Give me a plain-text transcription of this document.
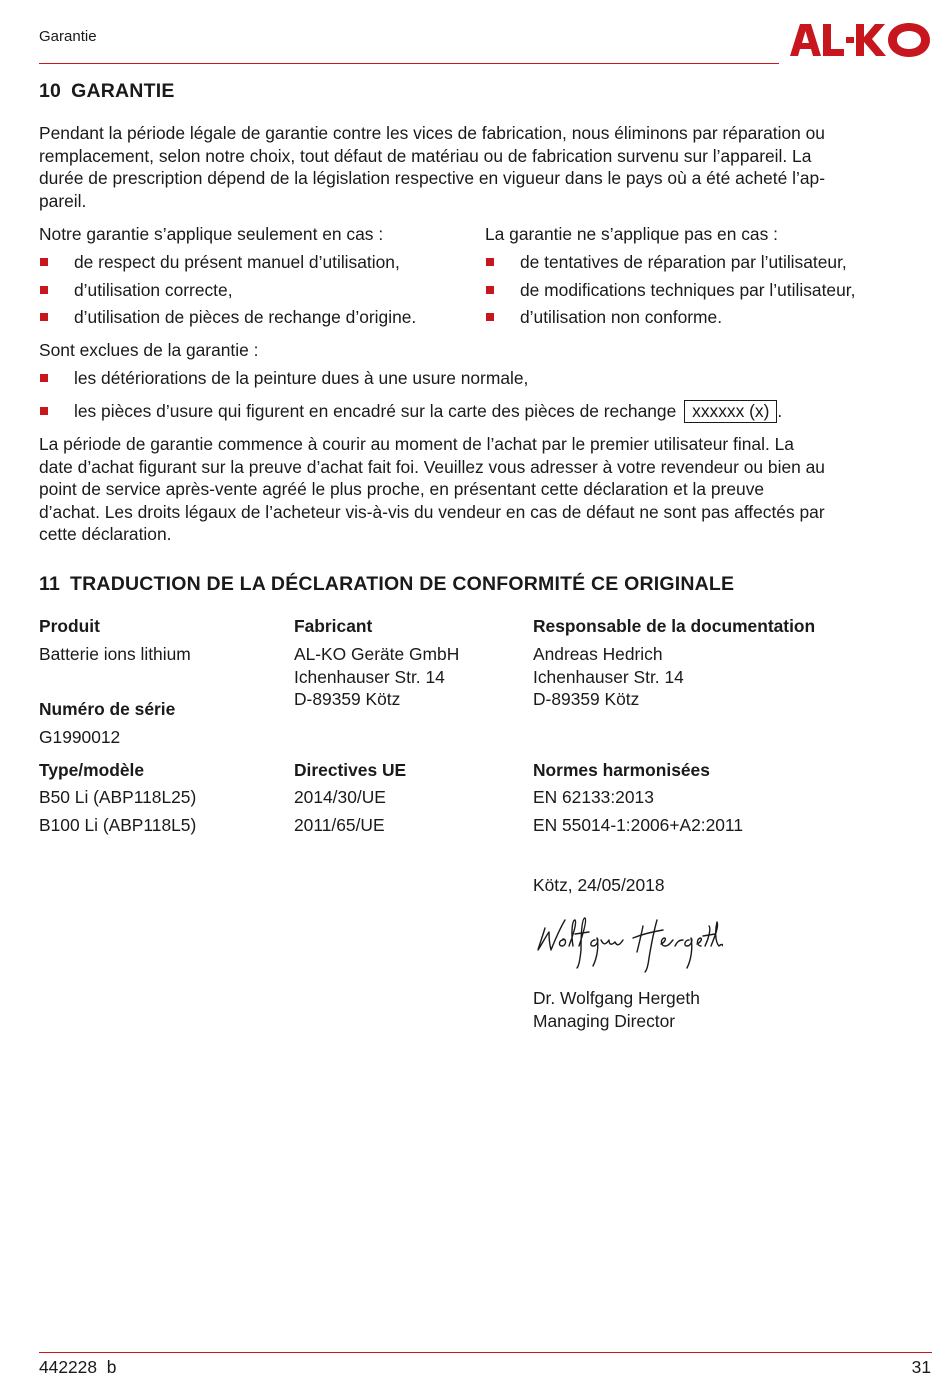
Garantie
10 GARANTIE
Pendant la période légale de garantie contre les vices de fabrication, nous éliminons par réparation ou
remplacement, selon notre choix, tout défaut de matériau ou de fabrication survenu sur l’appareil. La
durée de prescription dépend de la législation respective en vigueur dans le pays où a été acheté l’ap-
pareil.
Notre garantie s’applique seulement en cas :
de respect du présent manuel d’utilisation,
d’utilisation correcte,
d’utilisation de pièces de rechange d’origine.
La garantie ne s’applique pas en cas :
de tentatives de réparation par l’utilisateur,
de modifications techniques par l’utilisateur,
d’utilisation non conforme.
Sont exclues de la garantie :
les détériorations de la peinture dues à une usure normale,
les pièces d’usure qui figurent en encadré sur la carte des pièces de rechange xxxxxx (x) .
La période de garantie commence à courir au moment de l’achat par le premier utilisateur final. La
date d’achat figurant sur la preuve d’achat fait foi. Veuillez vous adresser à votre revendeur ou bien au
point de service après-vente agréé le plus proche, en présentant cette déclaration et la preuve
d’achat. Les droits légaux de l’acheteur vis-à-vis du vendeur en cas de défaut ne sont pas affectés par
cette déclaration.
11 TRADUCTION DE LA DÉCLARATION DE CONFORMITÉ CE ORIGINALE
Produit
Batterie ions lithium
Numéro de série
G1990012
Type/modèle
B50 Li (ABP118L25)
B100 Li (ABP118L5)
Fabricant
AL-KO Geräte GmbH
Ichenhauser Str. 14
D-89359 Kötz
Directives UE
2014/30/UE
2011/65/UE
Responsable de la documentation
Andreas Hedrich
Ichenhauser Str. 14
D-89359 Kötz
Normes harmonisées
EN 62133:2013
EN 55014-1:2006+A2:2011
Kötz, 24/05/2018
Dr. Wolfgang Hergeth
Managing Director
442228  b	31
